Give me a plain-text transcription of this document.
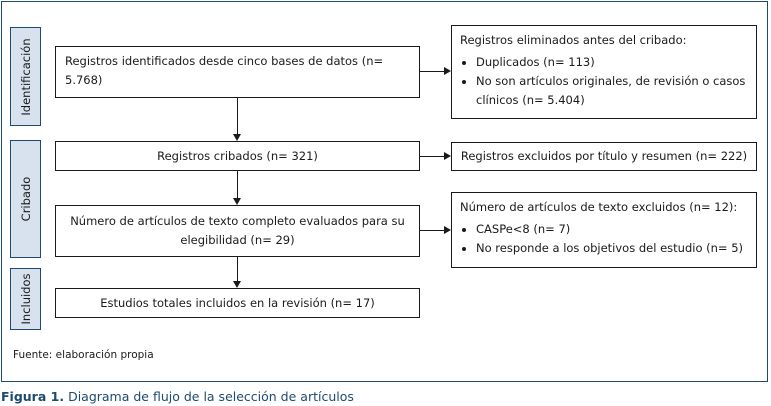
Identificación
Cribado
Incluidos
Registros identificados desde cinco bases de datos (n= 5.768)
Registros cribados (n= 321)
Número de artículos de texto completo evaluados para su elegibilidad (n= 29)
Estudios totales incluidos en la revisión (n= 17)
Registros eliminados antes del cribado:
• Duplicados (n= 113)
• No son artículos originales, de revisión o casos clínicos (n= 5.404)
Registros excluidos por título y resumen (n= 222)
Número de artículos de texto excluidos (n= 12):
• CASPe<8 (n= 7)
• No responde a los objetivos del estudio (n= 5)
Fuente: elaboración propia
Figura 1. Diagrama de flujo de la selección de artículos
